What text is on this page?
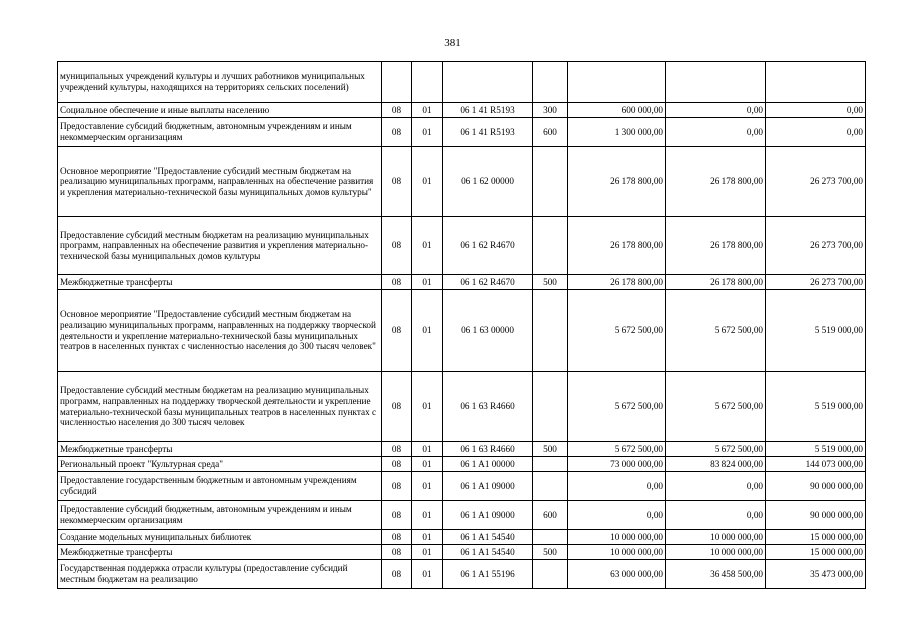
381
муниципальных учреждений культуры и лучших работников муниципальных учреждений культуры, находящихся на территориях сельских поселений)							
Социальное обеспечение и иные выплаты населению	08	01	06 1 41 R5193	300	600 000,00	0,00	0,00
Предоставление субсидий бюджетным, автономным учреждениям и иным некоммерческим организациям	08	01	06 1 41 R5193	600	1 300 000,00	0,00	0,00
Основное мероприятие "Предоставление субсидий местным бюджетам на реализацию муниципальных программ, направленных на обеспечение развития и укрепления материально-технической базы муниципальных домов культуры"	08	01	06 1 62 00000		26 178 800,00	26 178 800,00	26 273 700,00
Предоставление субсидий местным бюджетам на реализацию муниципальных программ, направленных на обеспечение развития и укрепления материально-технической базы муниципальных домов культуры	08	01	06 1 62 R4670		26 178 800,00	26 178 800,00	26 273 700,00
Межбюджетные трансферты	08	01	06 1 62 R4670	500	26 178 800,00	26 178 800,00	26 273 700,00
Основное мероприятие "Предоставление субсидий местным бюджетам на реализацию муниципальных программ, направленных на поддержку творческой деятельности и укрепление материально-технической базы муниципальных театров в населенных пунктах с численностью населения до 300 тысяч человек"	08	01	06 1 63 00000		5 672 500,00	5 672 500,00	5 519 000,00
Предоставление субсидий местным бюджетам на реализацию муниципальных программ, направленных на поддержку творческой деятельности и укрепление материально-технической базы муниципальных театров в населенных пунктах с численностью населения до 300 тысяч человек	08	01	06 1 63 R4660		5 672 500,00	5 672 500,00	5 519 000,00
Межбюджетные трансферты	08	01	06 1 63 R4660	500	5 672 500,00	5 672 500,00	5 519 000,00
Региональный проект "Культурная среда"	08	01	06 1 A1 00000		73 000 000,00	83 824 000,00	144 073 000,00
Предоставление государственным бюджетным и автономным учреждениям субсидий	08	01	06 1 A1 09000		0,00	0,00	90 000 000,00
Предоставление субсидий бюджетным, автономным учреждениям и иным некоммерческим организациям	08	01	06 1 A1 09000	600	0,00	0,00	90 000 000,00
Создание модельных муниципальных библиотек	08	01	06 1 A1 54540		10 000 000,00	10 000 000,00	15 000 000,00
Межбюджетные трансферты	08	01	06 1 A1 54540	500	10 000 000,00	10 000 000,00	15 000 000,00
Государственная поддержка отрасли культуры (предоставление субсидий местным бюджетам на реализацию	08	01	06 1 A1 55196		63 000 000,00	36 458 500,00	35 473 000,00
